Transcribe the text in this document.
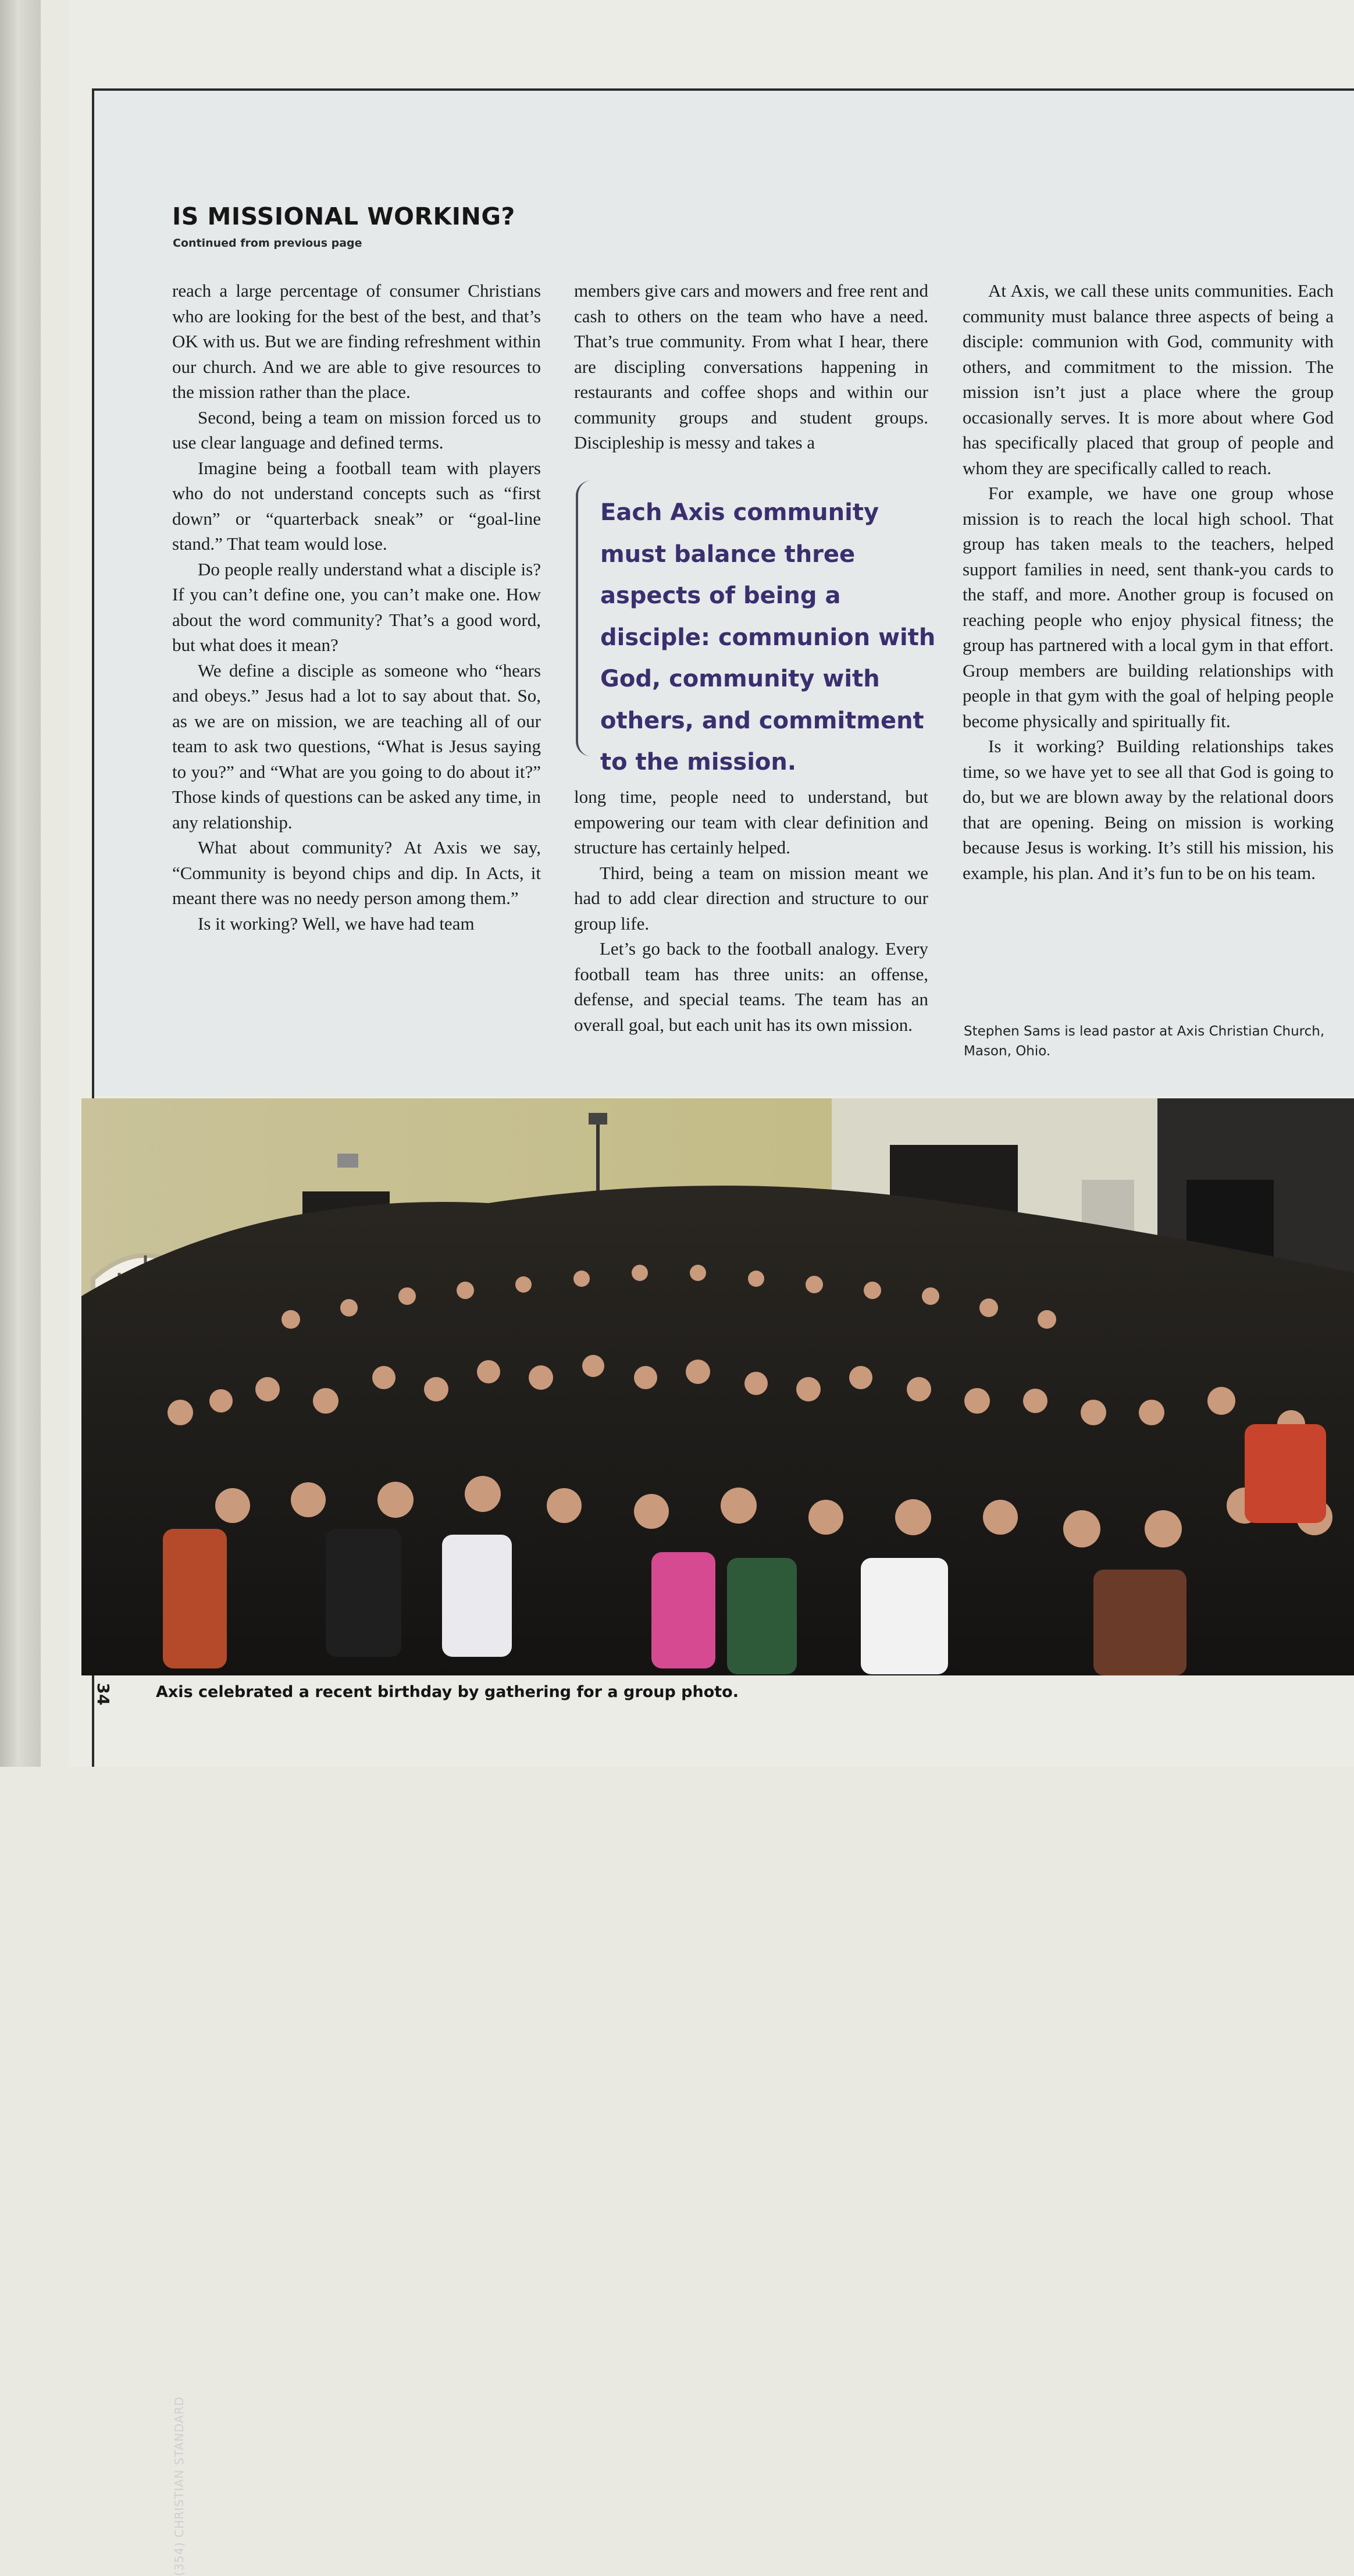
IS MISSIONAL WORKING?
Continued from previous page

reach a large percentage of consumer Christians who are looking for the best of the best, and that’s OK with us. But we are finding refreshment within our church. And we are able to give resources to the mission rather than the place.

Second, being a team on mission forced us to use clear language and defined terms.

Imagine being a football team with players who do not understand concepts such as “first down” or “quarterback sneak” or “goal-line stand.” That team would lose.

Do people really understand what a disciple is? If you can’t define one, you can’t make one. How about the word community? That’s a good word, but what does it mean?

We define a disciple as someone who “hears and obeys.” Jesus had a lot to say about that. So, as we are on mission, we are teaching all of our team to ask two questions, “What is Jesus saying to you?” and “What are you going to do about it?” Those kinds of questions can be asked any time, in any relationship.

What about community? At Axis we say, “Community is beyond chips and dip. In Acts, it meant there was no needy person among them.”

Is it working? Well, we have had team

members give cars and mowers and free rent and cash to others on the team who have a need. That’s true community. From what I hear, there are discipling conversations happening in restaurants and coffee shops and within our community groups and student groups. Discipleship is messy and takes a

Each Axis community must balance three aspects of being a disciple: communion with God, community with others, and commitment to the mission.

long time, people need to understand, but empowering our team with clear definition and structure has certainly helped.

Third, being a team on mission meant we had to add clear direction and structure to our group life.

Let’s go back to the football analogy. Every football team has three units: an offense, defense, and special teams. The team has an overall goal, but each unit has its own mission.

At Axis, we call these units communities. Each community must balance three aspects of being a disciple: communion with God, community with others, and commitment to the mission. The mission isn’t just a place where the group occasionally serves. It is more about where God has specifically placed that group of people and whom they are specifically called to reach.

For example, we have one group whose mission is to reach the local high school. That group has taken meals to the teachers, helped support families in need, sent thank-you cards to the staff, and more. Another group is focused on reaching people who enjoy physical fitness; the group has partnered with a local gym in that effort. Group members are building relationships with people in that gym with the goal of helping people become physically and spiritually fit.

Is it working? Building relationships takes time, so we have yet to see all that God is going to do, but we are blown away by the relational doors that are opening. Being on mission is working because Jesus is working. It’s still his mission, his example, his plan. And it’s fun to be on his team.

Stephen Sams is lead pastor at Axis Christian Church, Mason, Ohio.
(354) CHRISTIAN STANDARD
34	Axis celebrated a recent birthday by gathering for a group photo.
